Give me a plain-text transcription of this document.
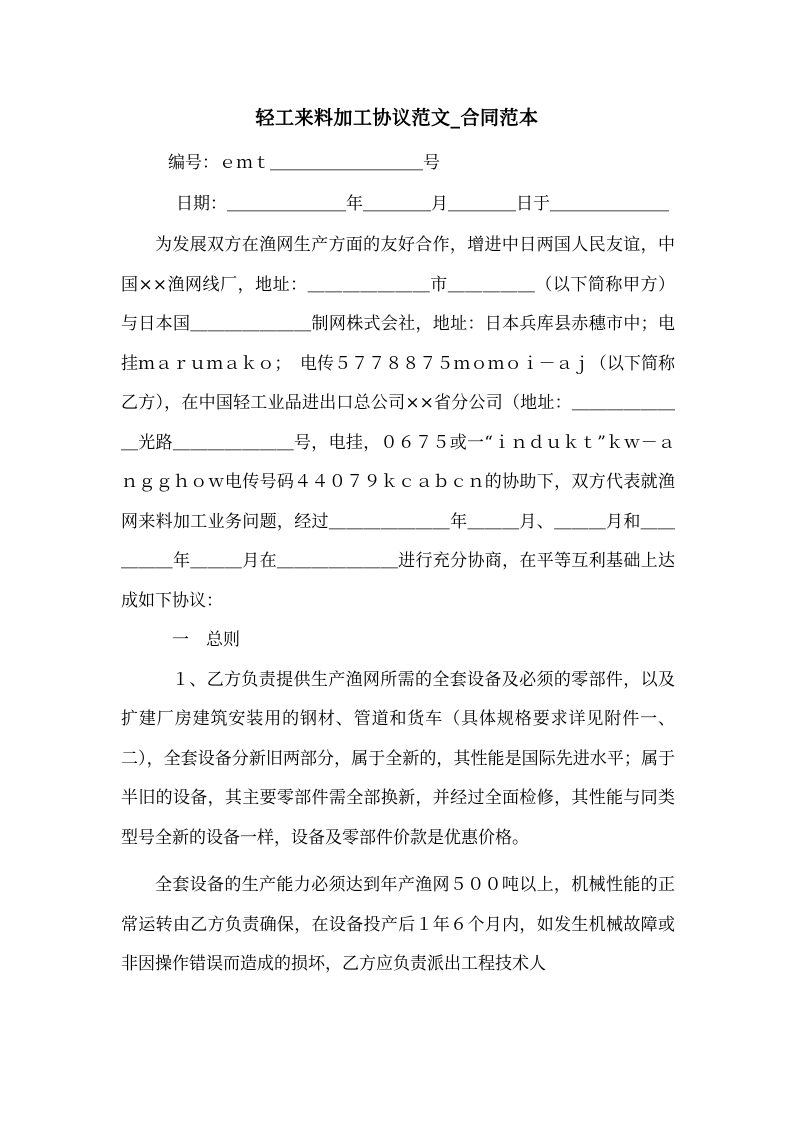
轻工来料加工协议范文_合同范本
编号：ｅｍｔ＿＿＿＿＿＿＿＿＿号
日期：＿＿＿＿＿＿＿年＿＿＿＿月＿＿＿＿日于＿＿＿＿＿＿＿

为发展双方在渔网生产方面的友好合作，增进中日两国人民友谊，中国××渔网线厂，地址：＿＿＿＿＿＿＿市＿＿＿＿＿（以下简称甲方）与日本国＿＿＿＿＿＿＿制网株式会社，地址：日本兵库县赤穗市中；电挂ｍａｒｕｍａｋｏ；　电传５７７８８７５ｍｏｍｏｉ－ａｊ（以下简称乙方），在中国轻工业品进出口总公司××省分公司（地址：＿＿＿＿＿＿＿光路＿＿＿＿＿＿＿号，电挂，０６７５或一“ｉｎｄｕｋｔ”ｋｗ－ａｎｇｇｈｏｗ电传号码４４０７９ｋｃａｂｃｎ的协助下，双方代表就渔网来料加工业务问题，经过＿＿＿＿＿＿＿年＿＿＿月、＿＿＿月和＿＿＿＿＿年＿＿＿月在＿＿＿＿＿＿＿进行充分协商，在平等互利基础上达成如下协议：

一　总则

１、乙方负责提供生产渔网所需的全套设备及必须的零部件，以及扩建厂房建筑安装用的钢材、管道和货车（具体规格要求详见附件一、二），全套设备分新旧两部分，属于全新的，其性能是国际先进水平；属于半旧的设备，其主要零部件需全部换新，并经过全面检修，其性能与同类型号全新的设备一样，设备及零部件价款是优惠价格。

全套设备的生产能力必须达到年产渔网５００吨以上，机械性能的正常运转由乙方负责确保，在设备投产后１年６个月内，如发生机械故障或非因操作错误而造成的损坏，乙方应负责派出工程技术人
